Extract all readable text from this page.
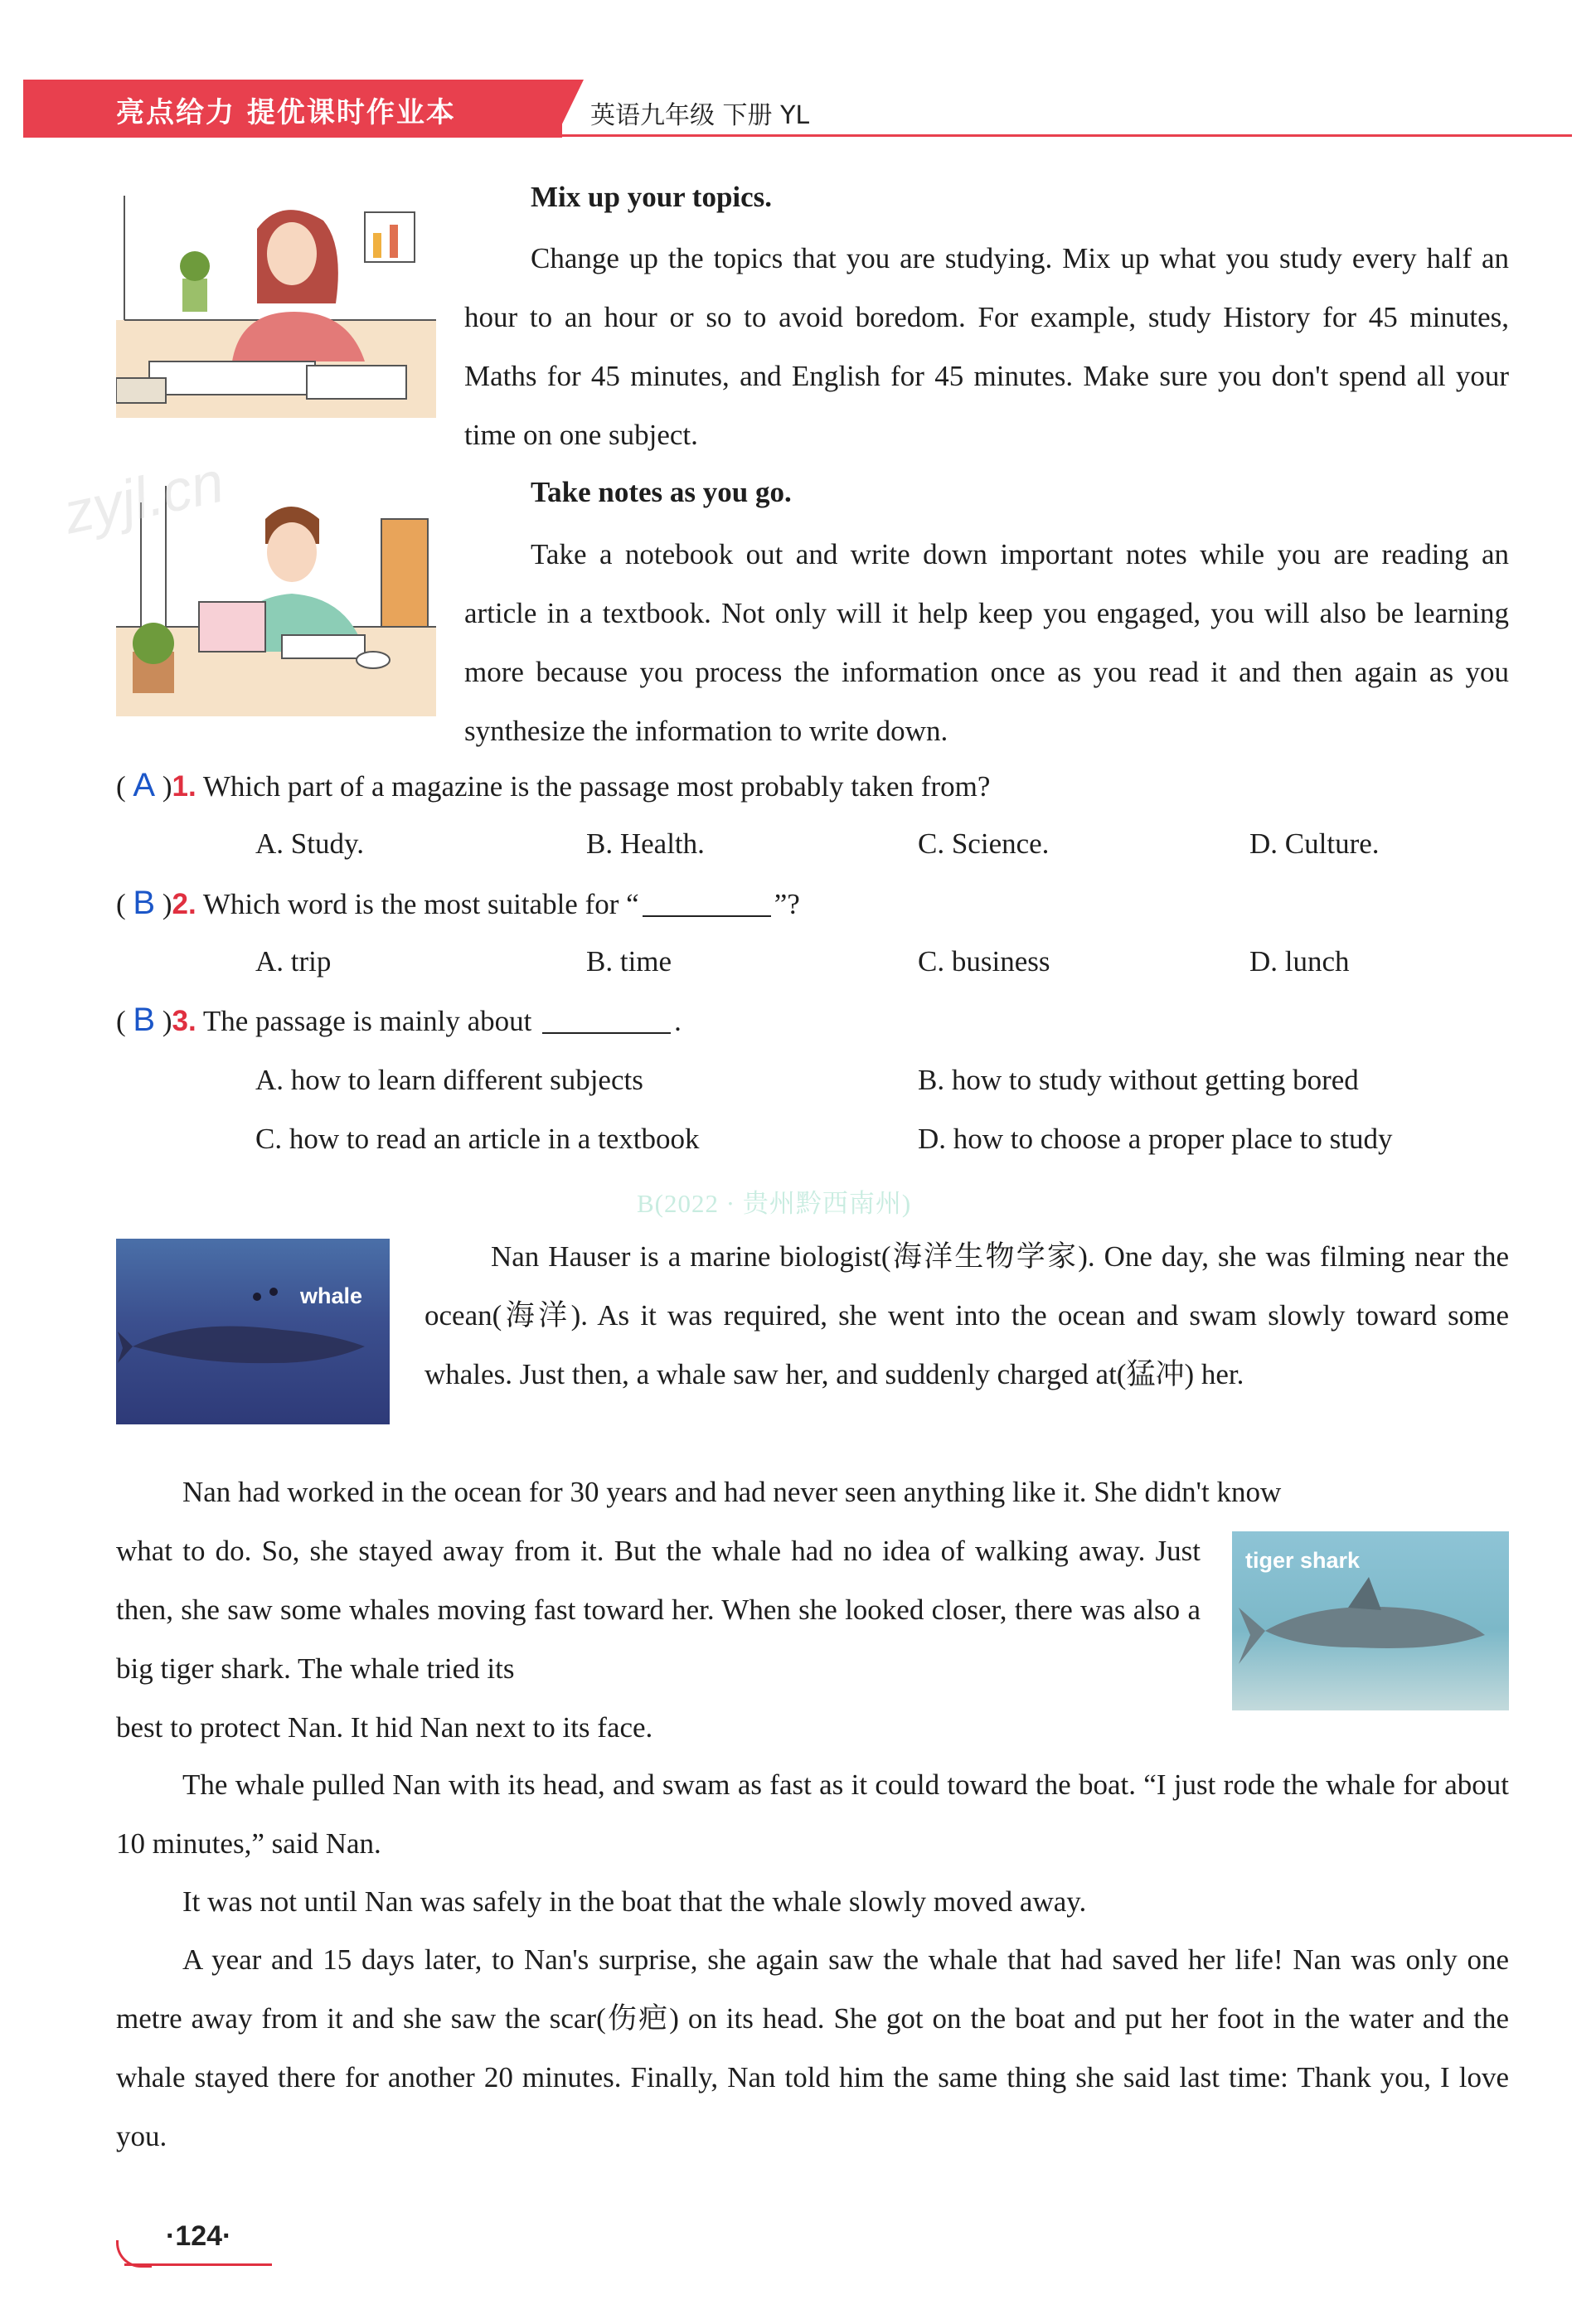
亮点给力 提优课时作业本	英语九年级 下册 YL
zyjl.cn

Mix up your topics.

Change up the topics that you are studying. Mix up what you study every half an hour to an hour or so to avoid boredom. For example, study History for 45 minutes, Maths for 45 minutes, and English for 45 minutes. Make sure you don't spend all your time on one subject.

Take notes as you go.

Take a notebook out and write down important notes while you are reading an article in a textbook. Not only will it help keep you engaged, you will also be learning more because you process the information once as you read it and then again as you synthesize the information to write down.

( A )1. Which part of a magazine is the passage most probably taken from?
A. Study.	B. Health.	C. Science.	D. Culture.
( B )2. Which word is the most suitable for “	”?
A. trip	B. time	C. business	D. lunch
( B )3. The passage is mainly about	.
A. how to learn different subjects	B. how to study without getting bored
C. how to read an article in a textbook	D. how to choose a proper place to study
B(2022 · 贵州黔西南州)
whale

Nan Hauser is a marine biologist(海洋生物学家). One day, she was filming near the ocean(海洋). As it was required, she went into the ocean and swam slowly toward some whales. Just then, a whale saw her, and suddenly charged at(猛冲) her.

Nan had worked in the ocean for 30 years and had never seen anything like it. She didn't know

what to do. So, she stayed away from it. But the whale had no idea of walking away. Just then, she saw some whales moving fast toward her. When she looked closer, there was also a big tiger shark. The whale tried its

tiger shark

best to protect Nan. It hid Nan next to its face.

The whale pulled Nan with its head, and swam as fast as it could toward the boat. “I just rode the whale for about 10 minutes,” said Nan.

It was not until Nan was safely in the boat that the whale slowly moved away.

A year and 15 days later, to Nan's surprise, she again saw the whale that had saved her life! Nan was only one metre away from it and she saw the scar(伤疤) on its head. She got on the boat and put her foot in the water and the whale stayed there for another 20 minutes. Finally, Nan told him the same thing she said last time: Thank you, I love you.

·124·
